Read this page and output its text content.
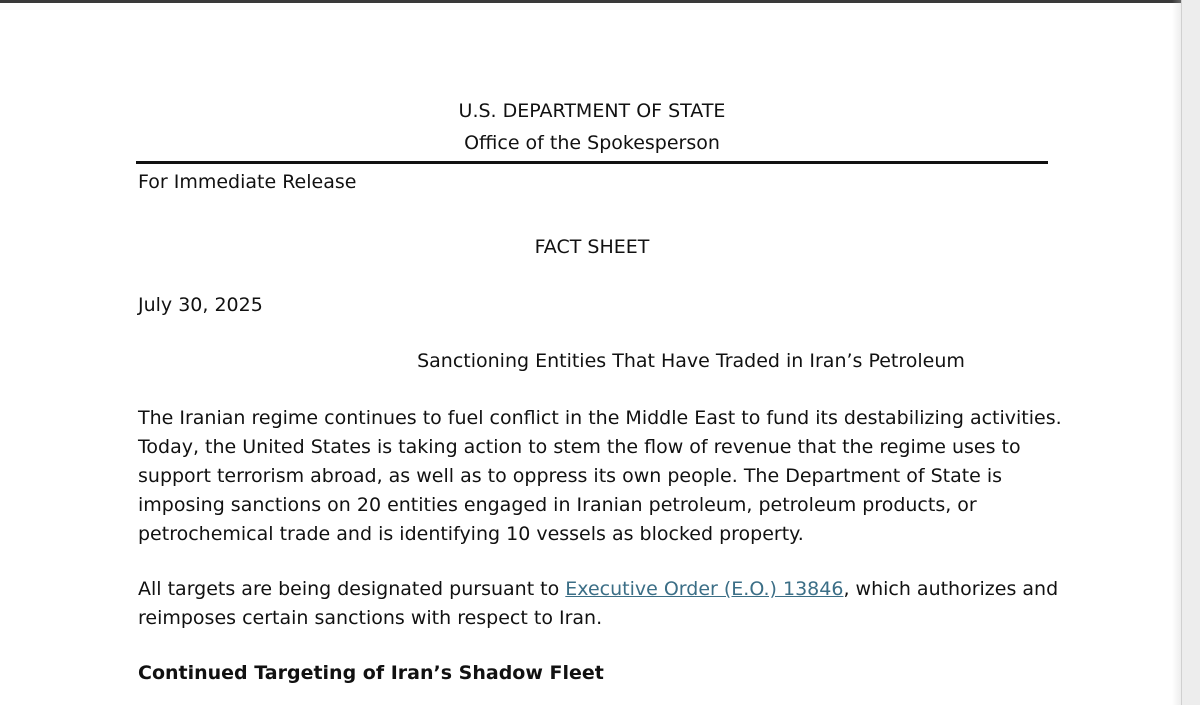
U.S. DEPARTMENT OF STATE
Office of the Spokesperson

For Immediate Release

FACT SHEET

July 30, 2025

Sanctioning Entities That Have Traded in Iran’s Petroleum

The Iranian regime continues to fuel conflict in the Middle East to fund its destabilizing activities. Today, the United States is taking action to stem the flow of revenue that the regime uses to support terrorism abroad, as well as to oppress its own people. The Department of State is imposing sanctions on 20 entities engaged in Iranian petroleum, petroleum products, or petrochemical trade and is identifying 10 vessels as blocked property.

All targets are being designated pursuant to Executive Order (E.O.) 13846, which authorizes and reimposes certain sanctions with respect to Iran.

Continued Targeting of Iran’s Shadow Fleet
